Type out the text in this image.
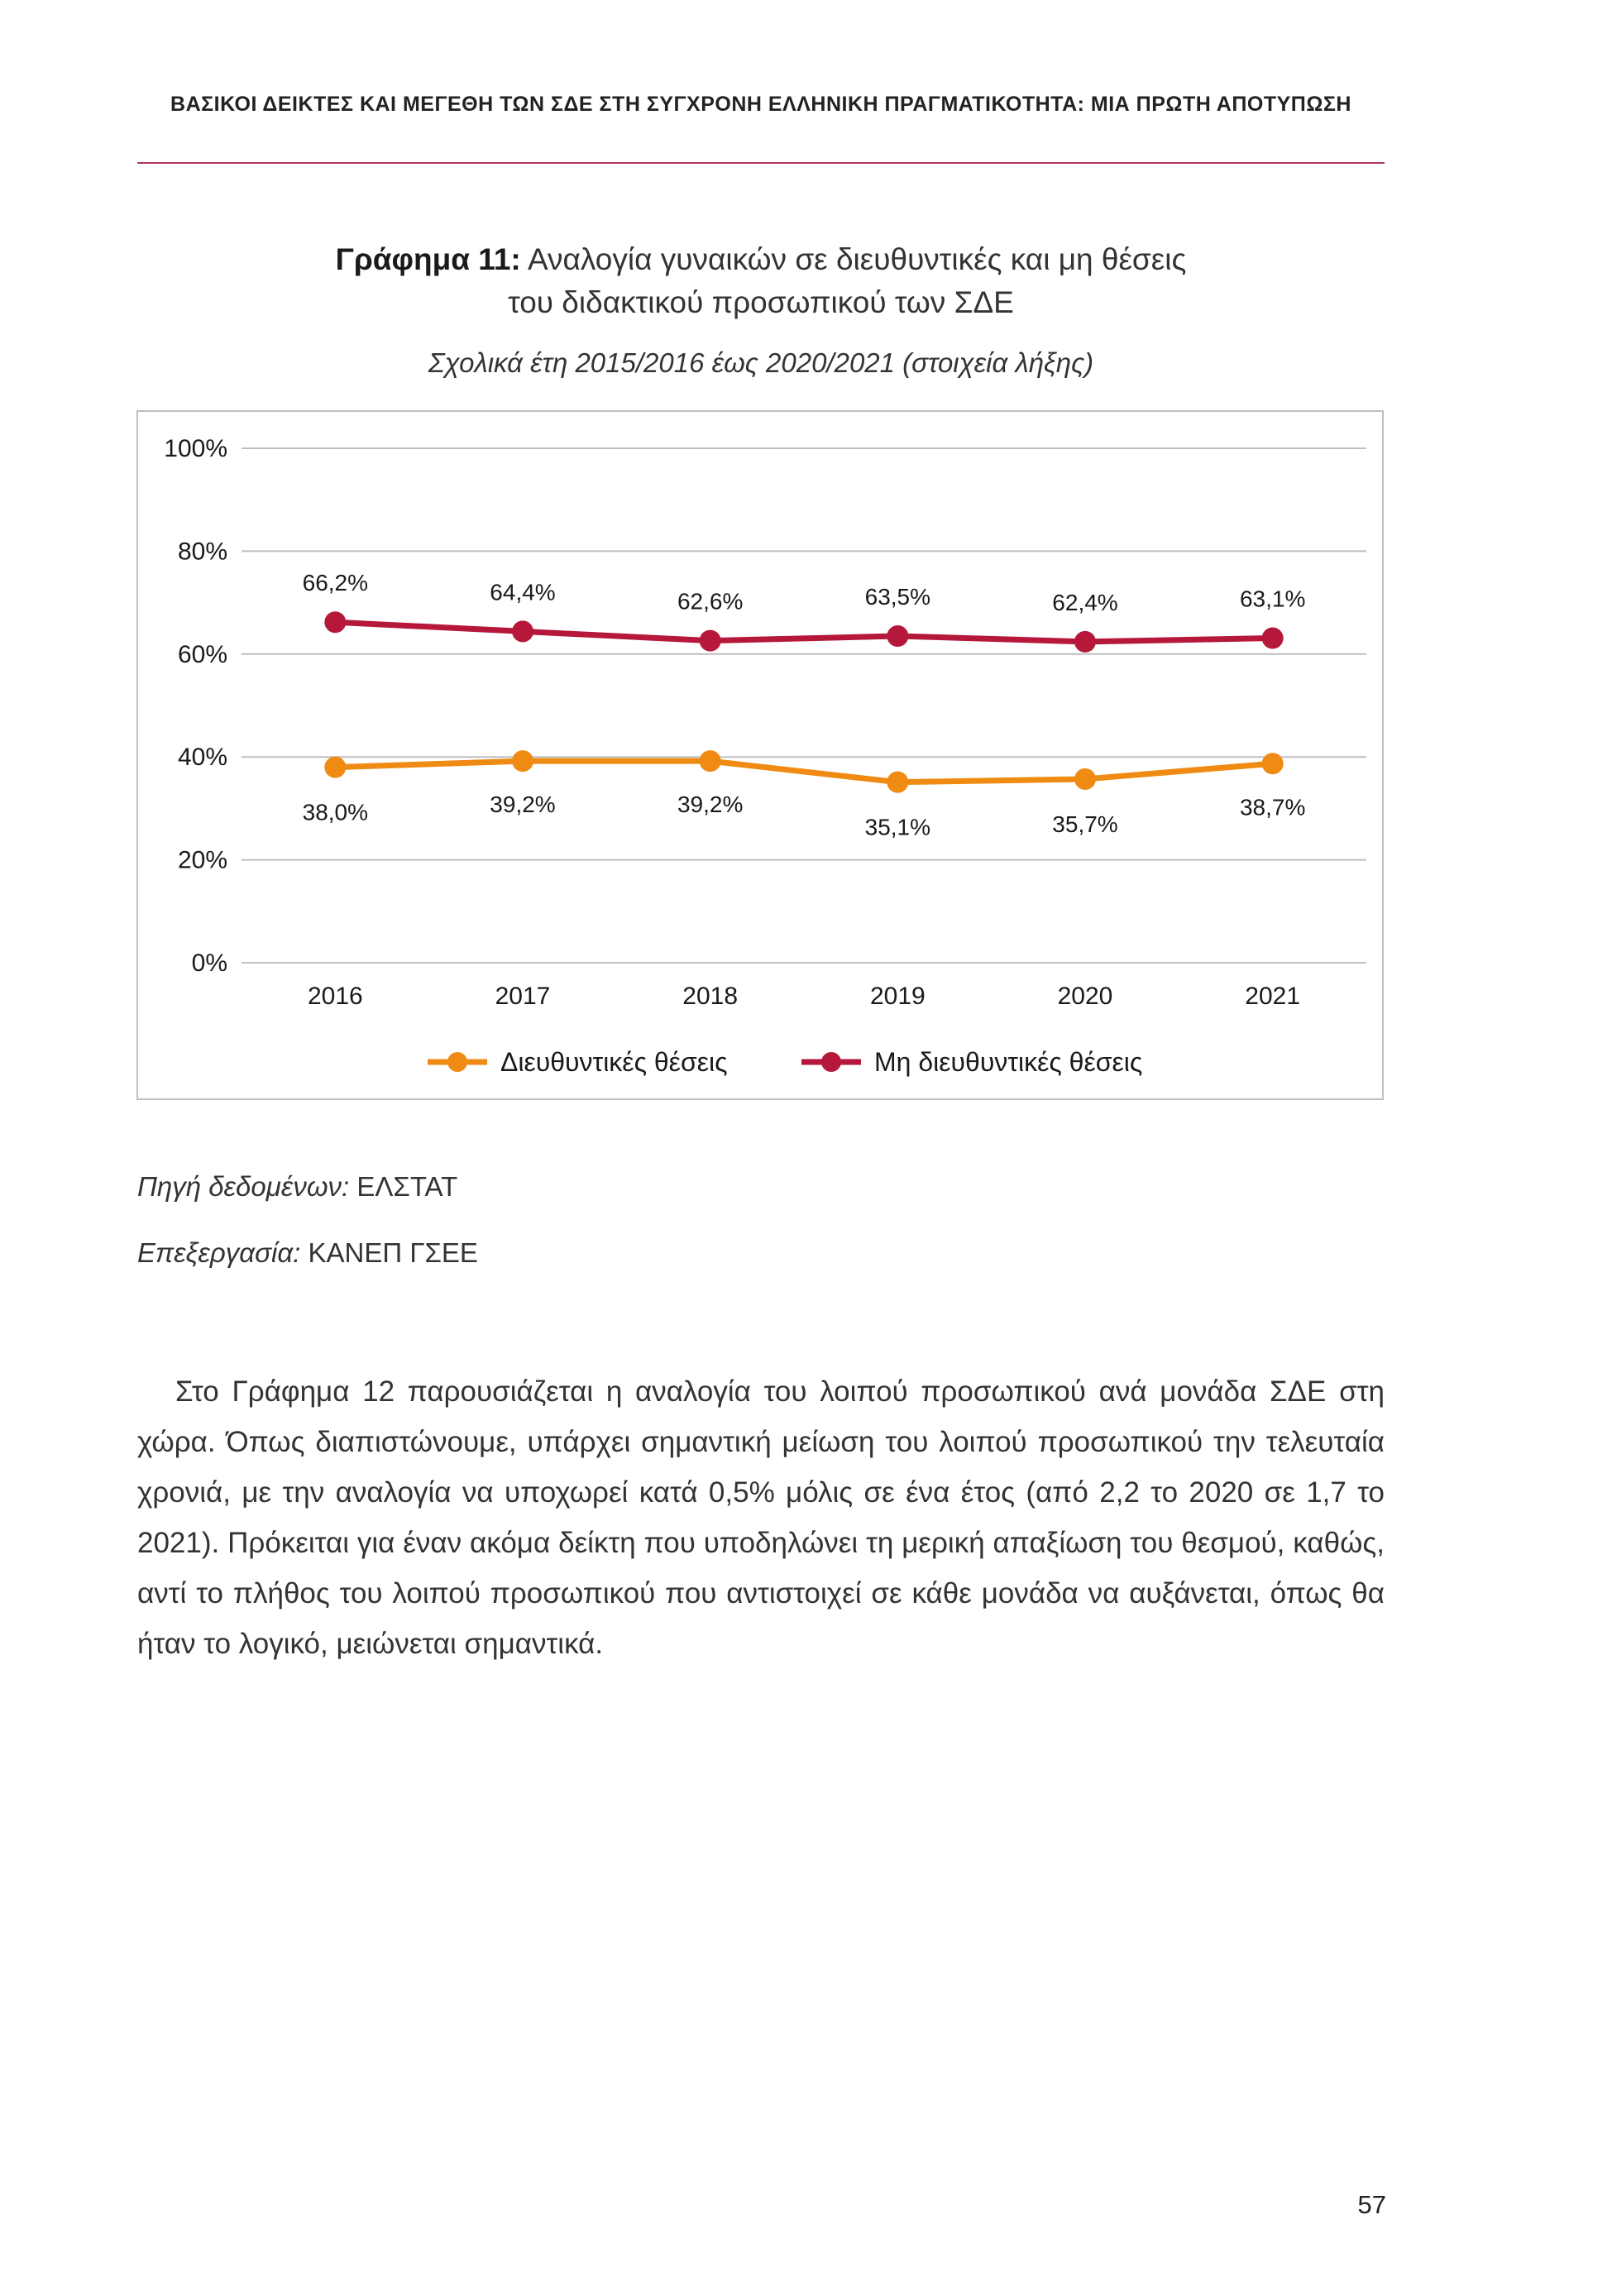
ΒΑΣΙΚΟΙ ΔΕΙΚΤΕΣ ΚΑΙ ΜΕΓΕΘΗ ΤΩΝ ΣΔΕ ΣΤΗ ΣΥΓΧΡΟΝΗ ΕΛΛΗΝΙΚΗ ΠΡΑΓΜΑΤΙΚΟΤΗΤΑ: ΜΙΑ ΠΡΩΤΗ ΑΠΟΤΥΠΩΣΗ
Γράφημα 11: Αναλογία γυναικών σε διευθυντικές και μη θέσεις
του διδακτικού προσωπικού των ΣΔΕ
Σχολικά έτη 2015/2016 έως 2020/2021 (στοιχεία λήξης)
0%
20%
40%
60%
80%
100%
2016	2017	2018	2019	2020	2021
38,0%	39,2%	39,2%
35,1%	35,7%
38,7%
66,2%	64,4%	62,6%	63,5%	62,4%	63,1%
Διευθυντικές θέσεις	Μη διευθυντικές θέσεις
Πηγή δεδομένων: ΕΛΣΤΑΤ
Επεξεργασία: ΚΑΝΕΠ ΓΣΕΕ
Στο Γράφημα 12 παρουσιάζεται η αναλογία του λοιπού προσωπικού ανά μονάδα ΣΔΕ στη χώρα. Όπως διαπιστώνουμε, υπάρχει σημαντική μείωση του λοιπού προσωπικού την τελευταία χρονιά, με την αναλογία να υποχωρεί κατά 0,5% μόλις σε ένα έτος (από 2,2 το 2020 σε 1,7 το 2021). Πρόκειται για έναν ακόμα δείκτη που υποδηλώνει τη μερική απαξίωση του θεσμού, καθώς, αντί το πλήθος του λοιπού προσωπικού που αντιστοιχεί σε κάθε μονάδα να αυξάνεται, όπως θα ήταν το λογικό, μειώνεται σημαντικά.
57
